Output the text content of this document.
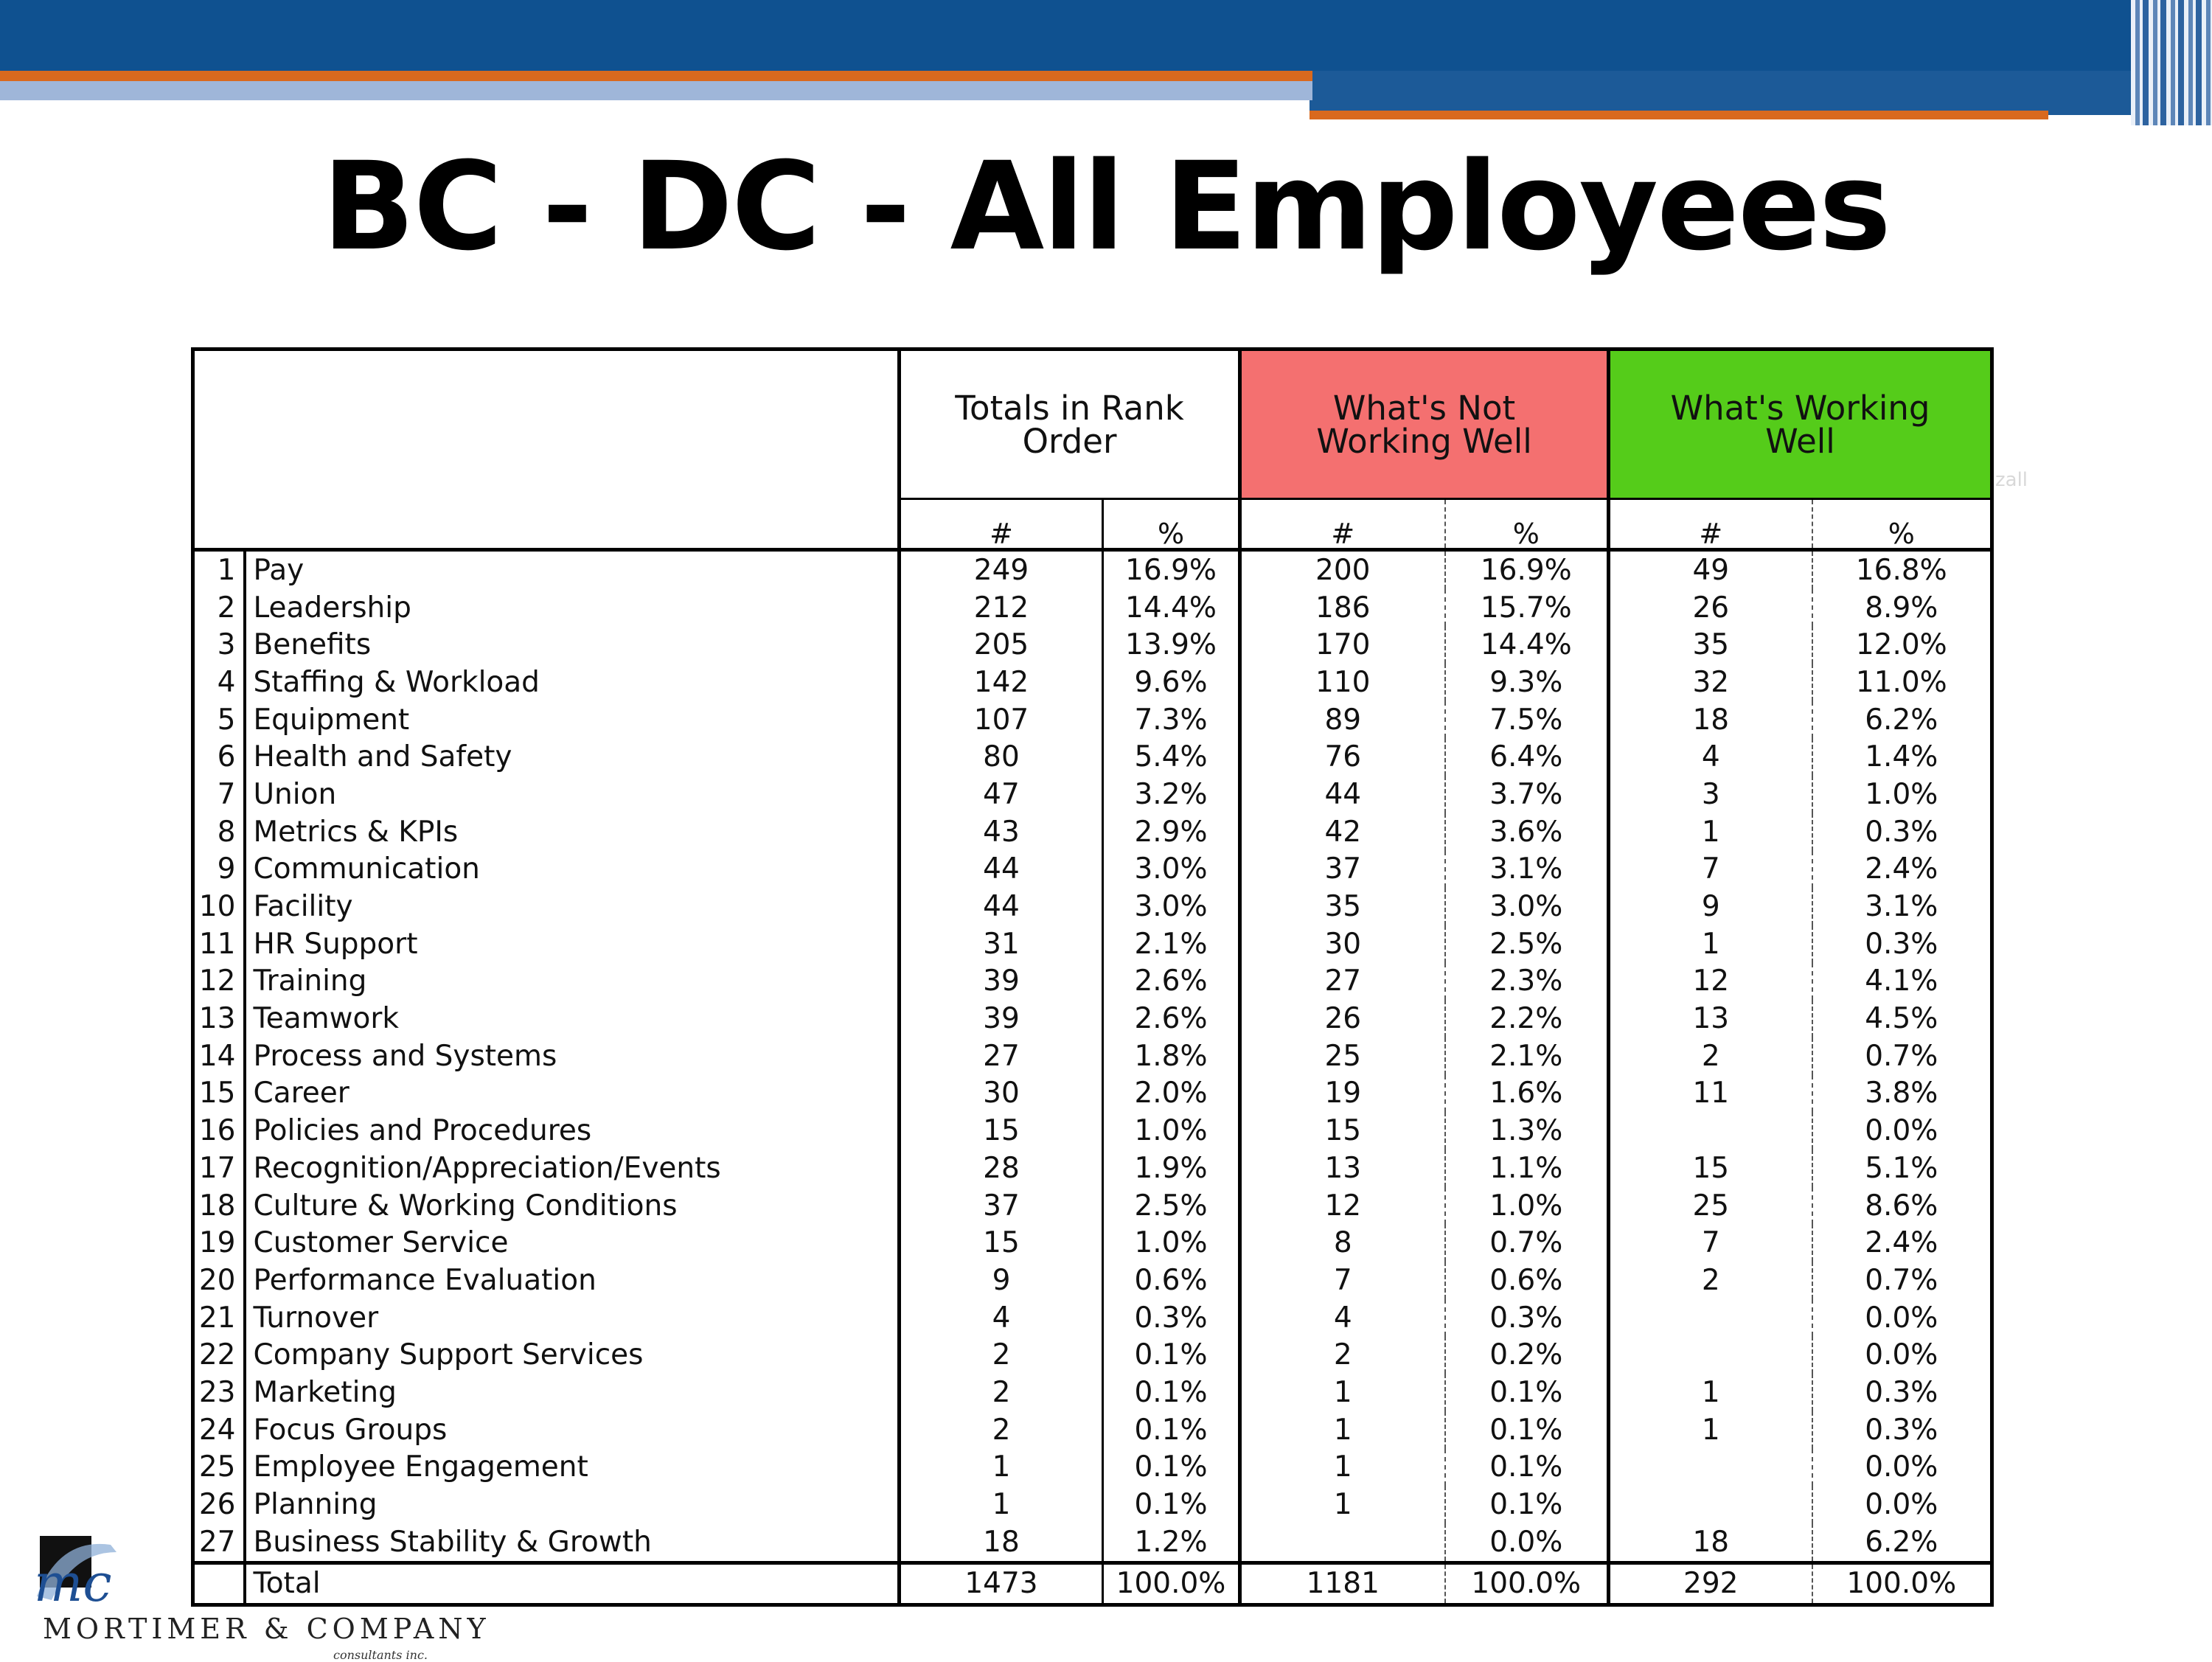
BC - DC - All Employees
zall
		Totals in Rank Order		What's Not Working Well		What's Working Well	
		#	%	#	%	#	%
1	Pay	249	16.9%	200	16.9%	49	16.8%
2	Leadership	212	14.4%	186	15.7%	26	8.9%
3	Benefits	205	13.9%	170	14.4%	35	12.0%
4	Staffing & Workload	142	9.6%	110	9.3%	32	11.0%
5	Equipment	107	7.3%	89	7.5%	18	6.2%
6	Health and Safety	80	5.4%	76	6.4%	4	1.4%
7	Union	47	3.2%	44	3.7%	3	1.0%
8	Metrics & KPIs	43	2.9%	42	3.6%	1	0.3%
9	Communication	44	3.0%	37	3.1%	7	2.4%
10	Facility	44	3.0%	35	3.0%	9	3.1%
11	HR Support	31	2.1%	30	2.5%	1	0.3%
12	Training	39	2.6%	27	2.3%	12	4.1%
13	Teamwork	39	2.6%	26	2.2%	13	4.5%
14	Process and Systems	27	1.8%	25	2.1%	2	0.7%
15	Career	30	2.0%	19	1.6%	11	3.8%
16	Policies and Procedures	15	1.0%	15	1.3%		0.0%
17	Recognition/Appreciation/Events	28	1.9%	13	1.1%	15	5.1%
18	Culture & Working Conditions	37	2.5%	12	1.0%	25	8.6%
19	Customer Service	15	1.0%	8	0.7%	7	2.4%
20	Performance Evaluation	9	0.6%	7	0.6%	2	0.7%
21	Turnover	4	0.3%	4	0.3%		0.0%
22	Company Support Services	2	0.1%	2	0.2%		0.0%
23	Marketing	2	0.1%	1	0.1%	1	0.3%
24	Focus Groups	2	0.1%	1	0.1%	1	0.3%
25	Employee Engagement	1	0.1%	1	0.1%		0.0%
26	Planning	1	0.1%	1	0.1%		0.0%
27	Business Stability & Growth	18	1.2%		0.0%	18	6.2%
	Total	1473	100.0%	1181	100.0%	292	100.0%
mc
MORTIMER & COMPANY
consultants inc.
